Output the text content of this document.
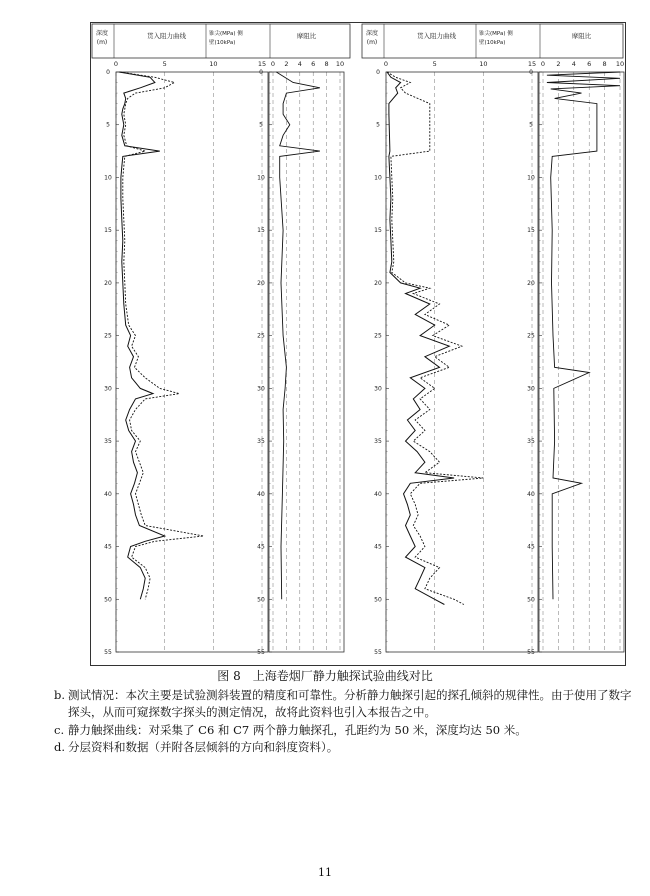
深度
(m)
贯入阻力曲线	锥尖(MPa) 侧
壁(10kPa)
摩阻比
0	5	10	15 0 2 4 6 8 10
0	0
5	5
10	10
15	15
20	20
25	25
30	30
35	35
40	40
45	45
50	50
55	55
深度
(m)
贯入阻力曲线	锥尖(MPa) 侧
壁(10kPa)
摩阻比
0	5	10	15 0 2 4 6 8 10
0	0
5	5
10	10
15	15
20	20
25	25
30	30
35	35
40	40
45	45
50	50
55	55
图 8　上海卷烟厂静力触探试验曲线对比
b. 测试情况：本次主要是试验测斜装置的精度和可靠性。分析静力触探引起的探孔倾斜的规律性。由于使用了数字探头，从而可窥探数字探头的测定情况，故将此资料也引入本报告之中。
c. 静力触探曲线：对采集了 C6 和 C7 两个静力触探孔，孔距约为 50 米，深度均达 50 米。
d. 分层资料和数据（并附各层倾斜的方向和斜度资料）。
11
